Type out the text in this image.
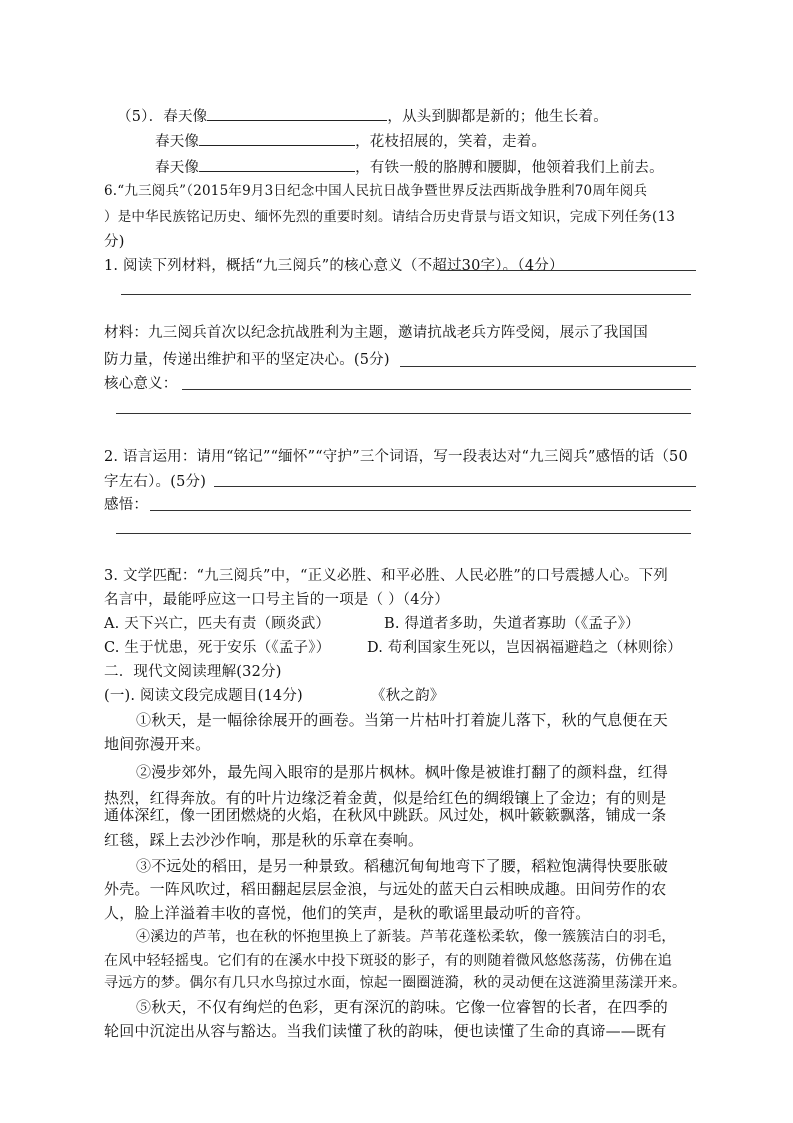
（5）．春天像	，从头到脚都是新的；他生长着。
春天像	，花枝招展的，笑着，走着。
春天像	，有铁一般的胳膊和腰脚，他领着我们上前去。
6.“九三阅兵”（2015年9月3日纪念中国人民抗日战争暨世界反法西斯战争胜利70周年阅兵
）是中华民族铭记历史、缅怀先烈的重要时刻。请结合历史背景与语文知识，完成下列任务(13
分)
1. 阅读下列材料，概括“九三阅兵”的核心意义（不超过30字）。（4分）
材料：九三阅兵首次以纪念抗战胜利为主题，邀请抗战老兵方阵受阅，展示了我国国
防力量，传递出维护和平的坚定决心。(5分)
核心意义：
2. 语言运用：请用“铭记”“缅怀”“守护”三个词语，写一段表达对“九三阅兵”感悟的话（50
字左右）。(5分)
感悟：
3. 文学匹配：“九三阅兵”中，“正义必胜、和平必胜、人民必胜”的口号震撼人心。下列
名言中，最能呼应这一口号主旨的一项是（ ）（4分）
A. 天下兴亡，匹夫有责（顾炎武）	B. 得道者多助，失道者寡助（《孟子》）
C. 生于忧患，死于安乐（《孟子》）	D. 苟利国家生死以，岂因祸福避趋之（林则徐）
二．现代文阅读理解(32分)
(一). 阅读文段完成题目(14分)	《秋之韵》
①秋天，是一幅徐徐展开的画卷。当第一片枯叶打着旋儿落下，秋的气息便在天
地间弥漫开来。
②漫步郊外，最先闯入眼帘的是那片枫林。枫叶像是被谁打翻了的颜料盘，红得
热烈，红得奔放。有的叶片边缘泛着金黄，似是给红色的绸缎镶上了金边；有的则是
通体深红，像一团团燃烧的火焰，在秋风中跳跃。风过处，枫叶簌簌飘落，铺成一条
红毯，踩上去沙沙作响，那是秋的乐章在奏响。
③不远处的稻田，是另一种景致。稻穗沉甸甸地弯下了腰，稻粒饱满得快要胀破
外壳。一阵风吹过，稻田翻起层层金浪，与远处的蓝天白云相映成趣。田间劳作的农
人，脸上洋溢着丰收的喜悦，他们的笑声，是秋的歌谣里最动听的音符。
④溪边的芦苇，也在秋的怀抱里换上了新装。芦苇花蓬松柔软，像一簇簇洁白的羽毛，
在风中轻轻摇曳。它们有的在溪水中投下斑驳的影子，有的则随着微风悠悠荡荡，仿佛在追
寻远方的梦。偶尔有几只水鸟掠过水面，惊起一圈圈涟漪，秋的灵动便在这涟漪里荡漾开来。
⑤秋天，不仅有绚烂的色彩，更有深沉的韵味。它像一位睿智的长者，在四季的
轮回中沉淀出从容与豁达。当我们读懂了秋的韵味，便也读懂了生命的真谛——既有
